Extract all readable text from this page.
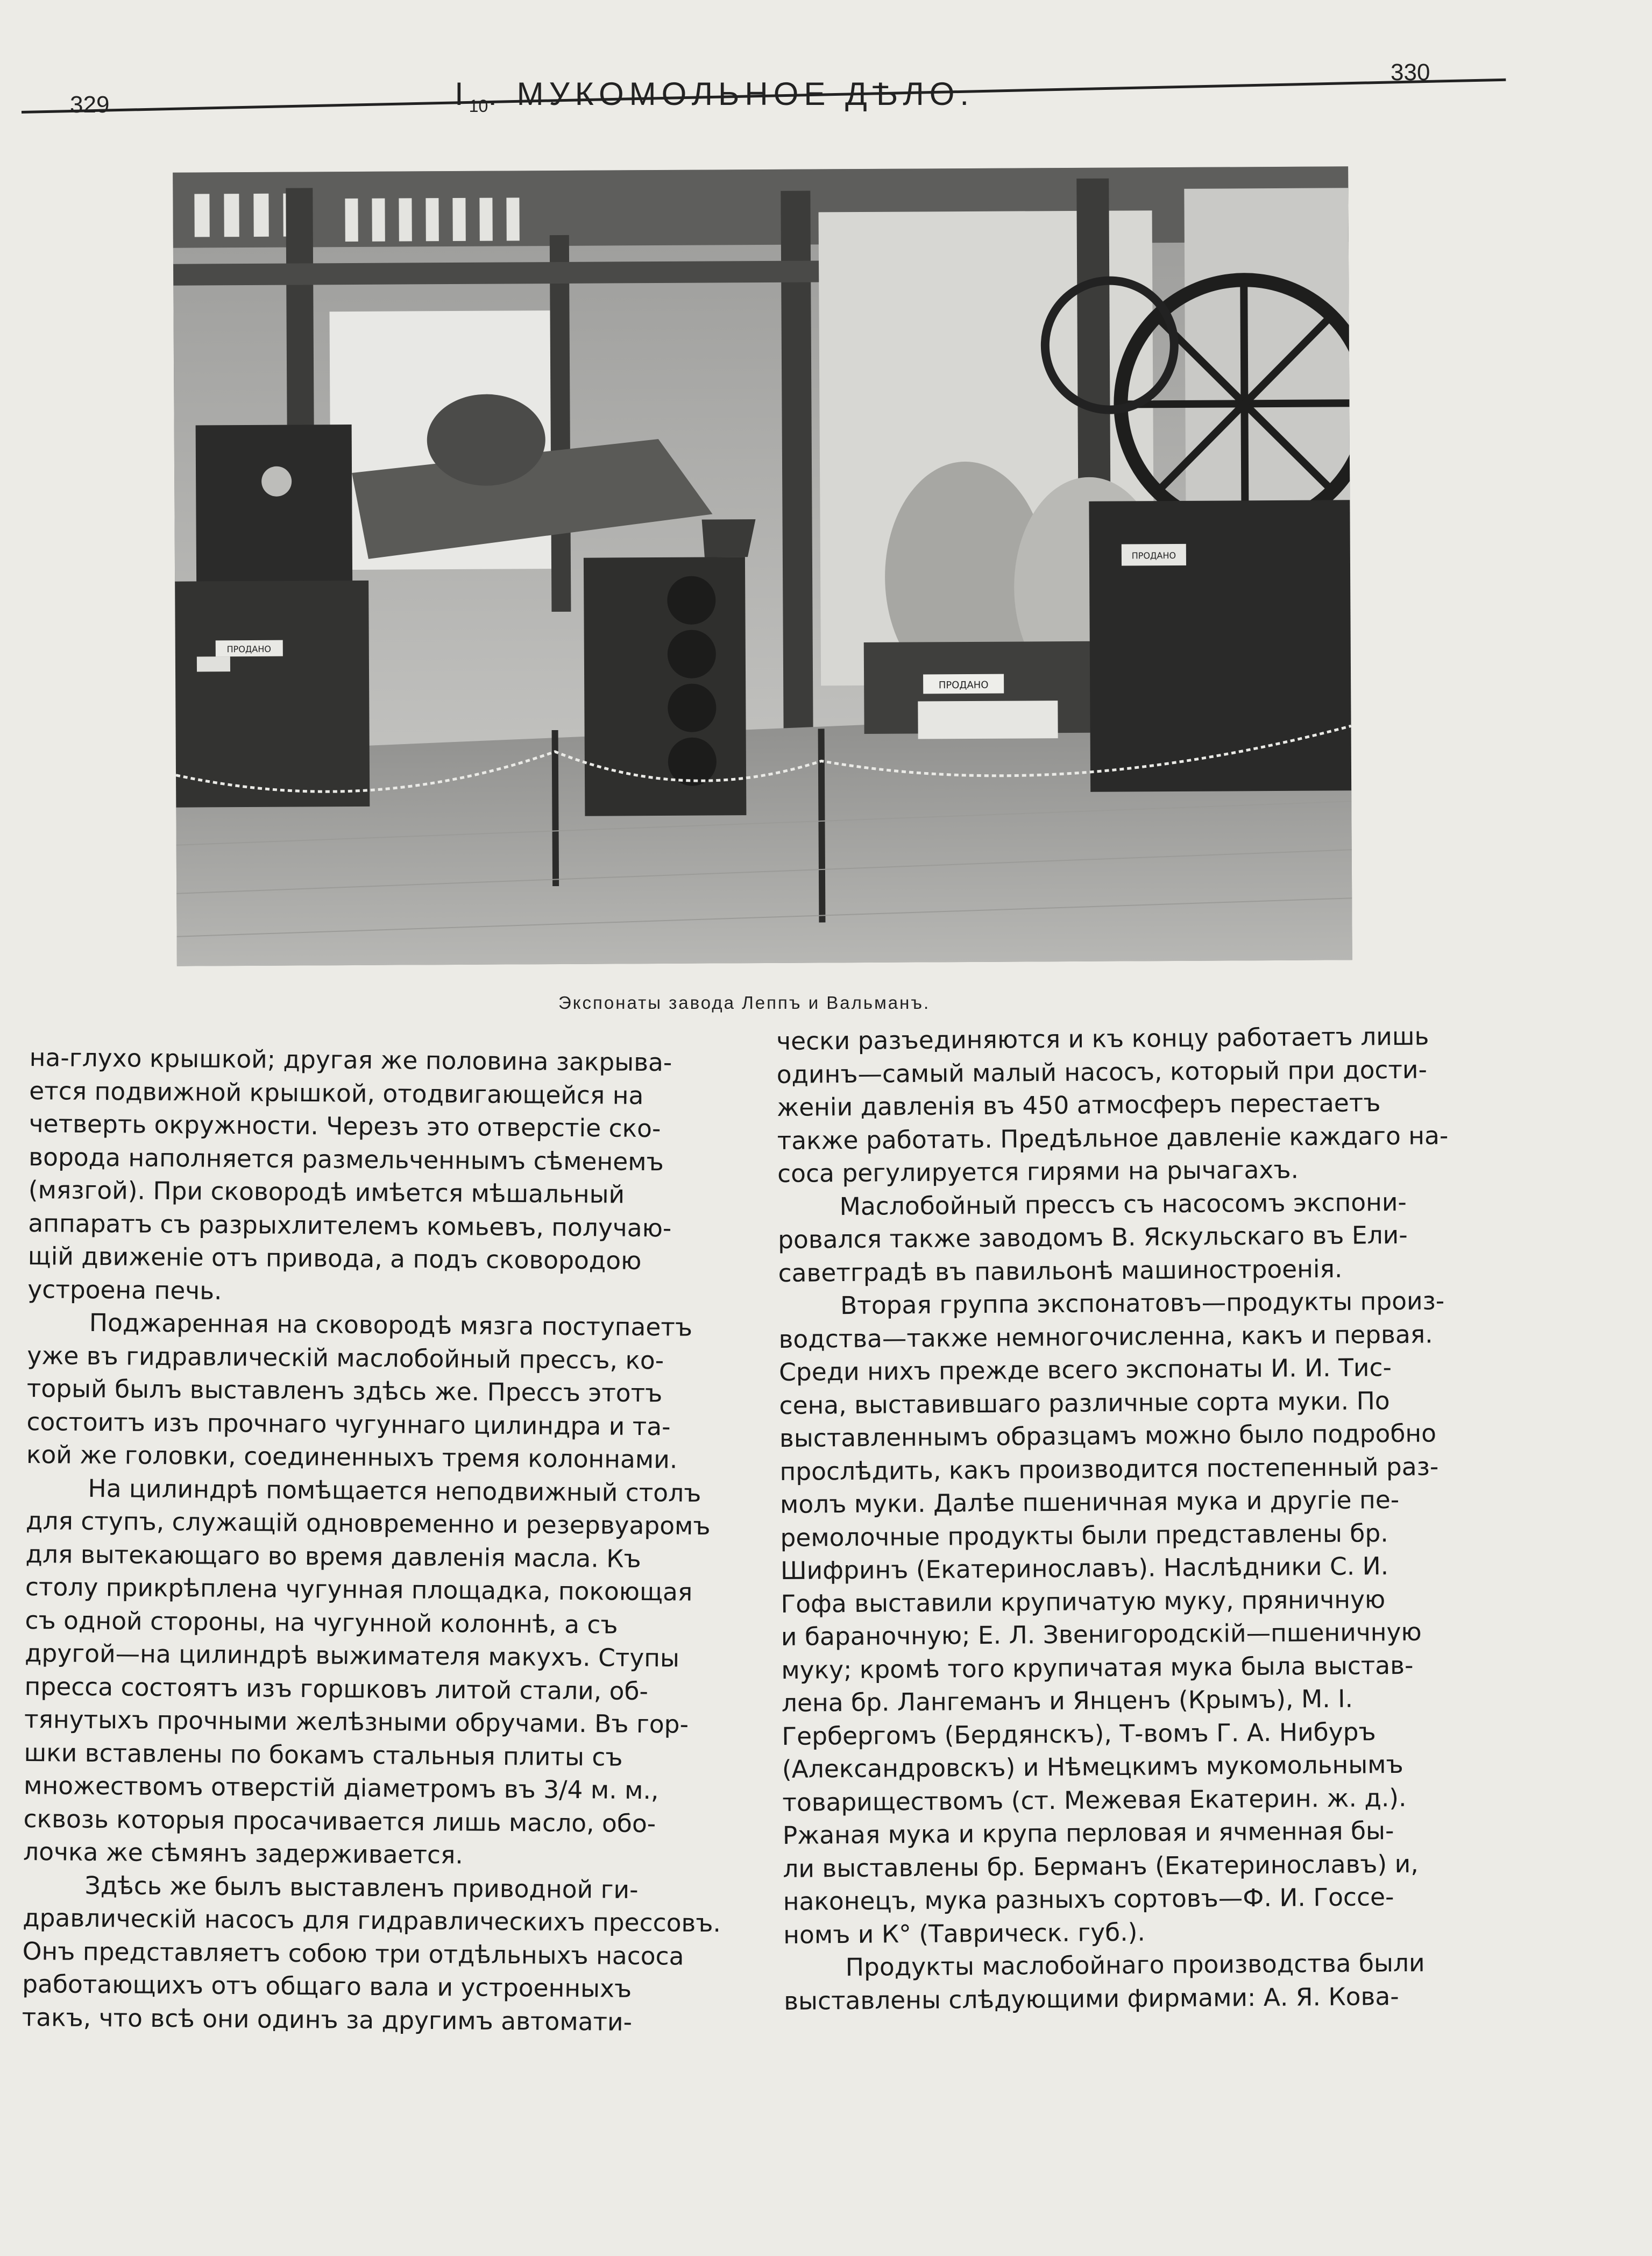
329
330
$I_{10}$. МУКОМОЛЬНОЕ ДѢЛО.
ПРОДАНО
ПРОДАНО
ПРОДАНО
Экспонаты завода Леппъ и Вальманъ.

на-глухо крышкой; другая же половина закрыва-
ется подвижной крышкой, отодвигающейся на
четверть окружности. Черезъ это отверстіе ско-
ворода наполняется размельченнымъ сѣменемъ
(мязгой). При сковородѣ имѣется мѣшальный
аппаратъ съ разрыхлителемъ комьевъ, получаю-
щій движеніе отъ привода, а подъ сковородою
устроена печь.

Поджаренная на сковородѣ мязга поступаетъ
уже въ гидравлическій маслобойный прессъ, ко-
торый былъ выставленъ здѣсь же. Прессъ этотъ
состоитъ изъ прочнаго чугуннаго цилиндра и та-
кой же головки, соединенныхъ тремя колоннами.

На цилиндрѣ помѣщается неподвижный столъ
для ступъ, служащій одновременно и резервуаромъ
для вытекающаго во время давленія масла. Къ
столу прикрѣплена чугунная площадка, покоющая
съ одной стороны, на чугунной колоннѣ, а съ
другой—на цилиндрѣ выжимателя макухъ. Ступы
пресса состоятъ изъ горшковъ литой стали, об-
тянутыхъ прочными желѣзными обручами. Въ гор-
шки вставлены по бокамъ стальныя плиты съ
множествомъ отверстій діаметромъ въ 3/4 м. м.,
сквозь которыя просачивается лишь масло, обо-
лочка же сѣмянъ задерживается.

Здѣсь же былъ выставленъ приводной ги-
дравлическій насосъ для гидравлическихъ прессовъ.
Онъ представляетъ собою три отдѣльныхъ насоса
работающихъ отъ общаго вала и устроенныхъ
такъ, что всѣ они одинъ за другимъ автомати-

чески разъединяются и къ концу работаетъ лишь
одинъ—самый малый насосъ, который при дости-
женіи давленія въ 450 атмосферъ перестаетъ
также работать. Предѣльное давленіе каждаго на-
соса регулируется гирями на рычагахъ.

Маслобойный прессъ съ насосомъ экспони-
ровался также заводомъ В. Яскульскаго въ Ели-
саветградѣ въ павильонѣ машиностроенія.

Вторая группа экспонатовъ—продукты произ-
водства—также немногочисленна, какъ и первая.
Среди нихъ прежде всего экспонаты И. И. Тис-
сена, выставившаго различные сорта муки. По
выставленнымъ образцамъ можно было подробно
прослѣдить, какъ производится постепенный раз-
молъ муки. Далѣе пшеничная мука и другіе пе-
ремолочные продукты были представлены бр.
Шифринъ (Екатеринославъ). Наслѣдники С. И.
Гофа выставили крупичатую муку, пряничную
и бараночную; Е. Л. Звенигородскій—пшеничную
муку; кромѣ того крупичатая мука была выстав-
лена бр. Лангеманъ и Янценъ (Крымъ), М. І.
Гербергомъ (Бердянскъ), Т-вомъ Г. А. Нибуръ
(Александровскъ) и Нѣмецкимъ мукомольнымъ
товариществомъ (ст. Межевая Екатерин. ж. д.).
Ржаная мука и крупа перловая и ячменная бы-
ли выставлены бр. Берманъ (Екатеринославъ) и,
наконецъ, мука разныхъ сортовъ—Ф. И. Госсе-
номъ и К° (Таврическ. губ.).

Продукты маслобойнаго производства были
выставлены слѣдующими фирмами: А. Я. Кова-
